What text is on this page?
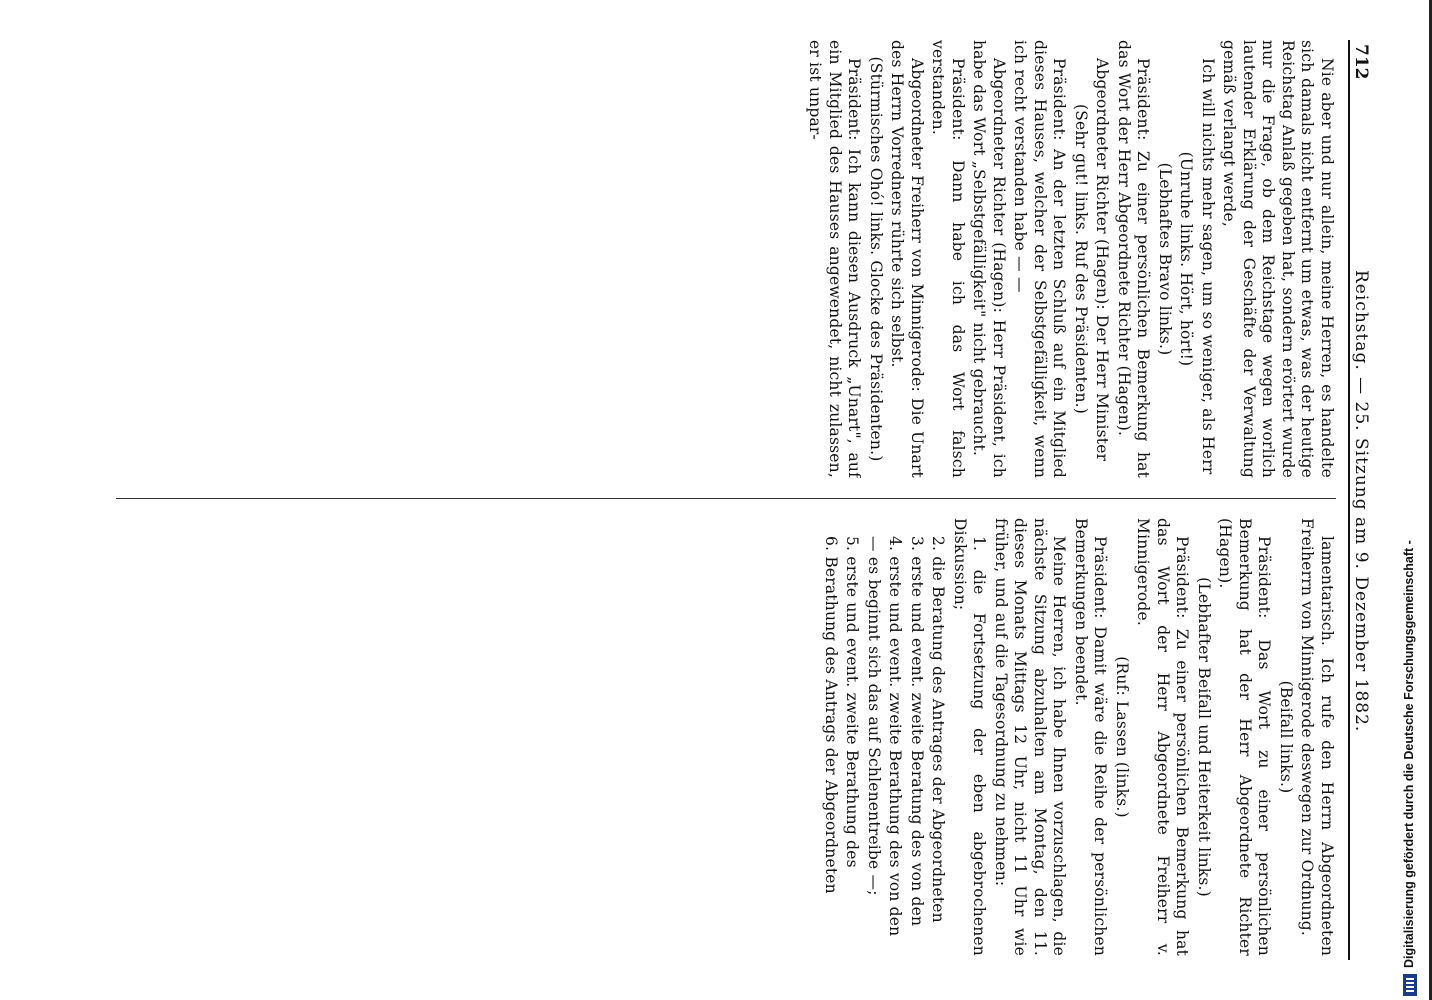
712
Reichstag. — 25. Sitzung am 9. Dezember 1882.

Nie aber und nur allein, meine Herren, es handelte sich damals nicht entfernt um etwas, was der heutige Reichstag Anlaß gegeben hat, sondern erörtert wurde nur die Frage, ob dem Reichstage wegen worlich lautender Erklärung der Geschäfte der Verwaltung gemäß verlangt werde,

Ich will nichts mehr sagen, um so weniger, als Herr

(Unruhe links. Hört, hört!)

(Lebhaftes Bravo links.)

Präsident: Zu einer persönlichen Bemerkung hat das Wort der Herr Abgeordnete Richter (Hagen).

Abgeordneter Richter (Hagen): Der Herr Minister

(Sehr gut! links. Ruf des Präsidenten.)

Präsident: An der letzten Schluß auf ein Mitglied dieses Hauses, welcher der Selbstgefälligkeit, wenn ich recht verstanden habe — —

Abgeordneter Richter (Hagen): Herr Präsident, ich habe das Wort „Selbstgefälligkeit" nicht gebraucht.

Präsident: Dann habe ich das Wort falsch verstanden.

Abgeordneter Freiherr von Minnigerode: Die Unart des Herrn Vorredners rührte sich selbst.

(Stürmisches Ohó! links. Glocke des Präsidenten.)

Präsident: Ich kann diesen Ausdruck „Unart", auf ein Mitglied des Hauses angewendet, nicht zulassen, er ist unpar-

lamentarisch. Ich rufe den Herrn Abgeordneten Freiherrn von Minnigerode deswegen zur Ordnung.

(Beifall links.)

Präsident: Das Wort zu einer persönlichen Bemerkung hat der Herr Abgeordnete Richter (Hagen).

(Lebhafter Beifall und Heiterkeit links.)

Präsident: Zu einer persönlichen Bemerkung hat das Wort der Herr Abgeordnete Freiherr v. Minnigerode.

(Ruf: Lassen (links.)

Präsident: Damit wäre die Reihe der persönlichen Bemerkungen beendet.

Meine Herren, ich habe Ihnen vorzuschlagen, die nächste Sitzung abzuhalten am Montag, den 11. dieses Monats Mittags 12 Uhr, nicht 11 Uhr wie früher, und auf die Tagesordnung zu nehmen:

1. die Fortsetzung der eben abgebrochenen Diskussion;

2. die Beratung des Antrages der Abgeordneten

3. erste und event. zweite Beratung des von den

4. erste und event. zweite Berathung des von den

— es beginnt sich das auf Schlenentreibe —;

5. erste und event. zweite Berathung des

6. Berathung des Antrags der Abgeordneten	Digitalisierung gefördert durch die Deutsche Forschungsgemeinschaft -
